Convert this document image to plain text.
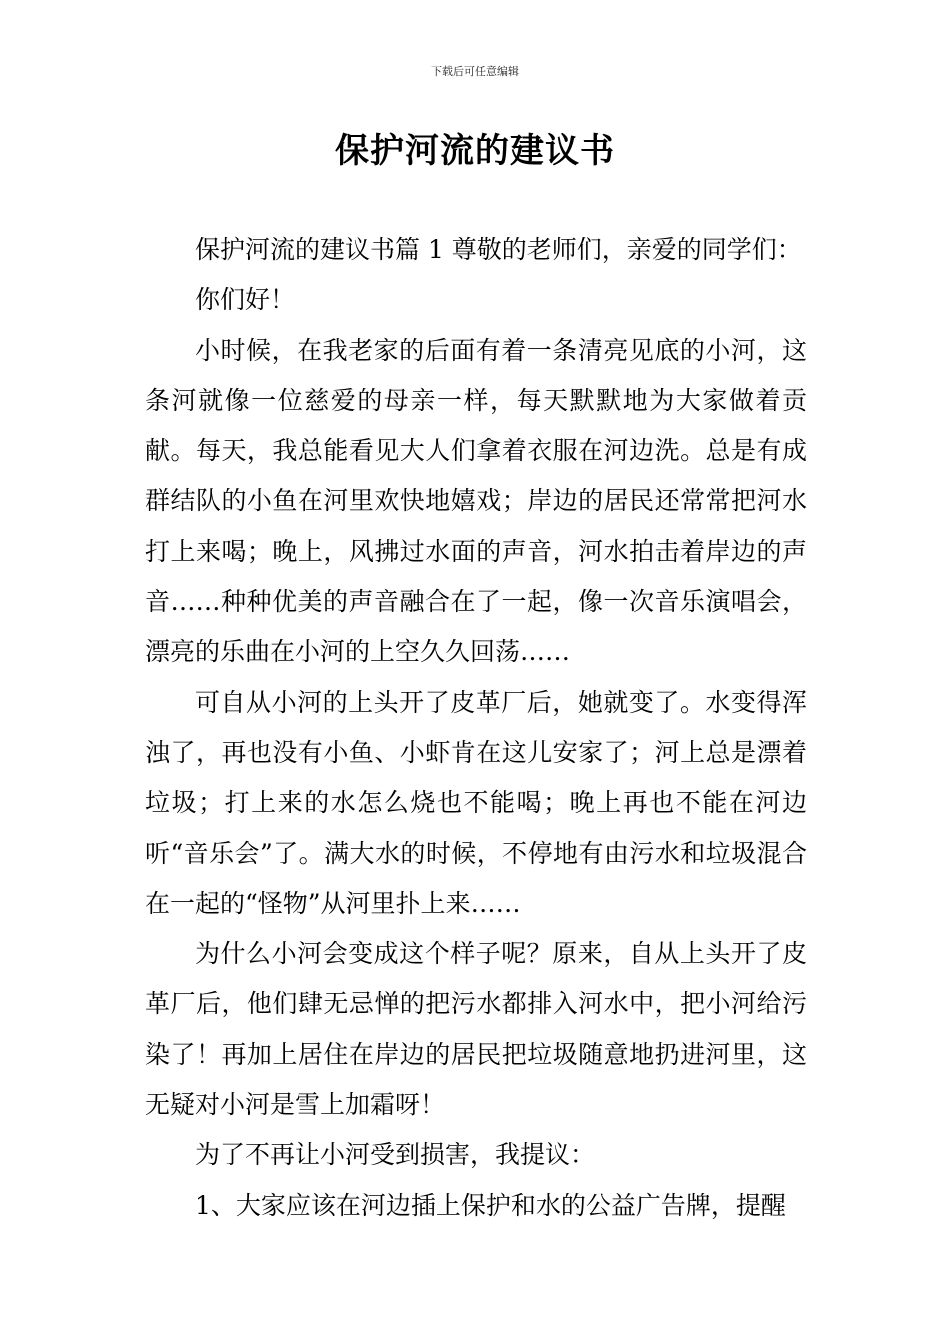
下载后可任意编辑
保护河流的建议书

保护河流的建议书篇 1 尊敬的老师们，亲爱的同学们：

你们好！

小时候，在我老家的后面有着一条清亮见底的小河，这条河就像一位慈爱的母亲一样，每天默默地为大家做着贡献。每天，我总能看见大人们拿着衣服在河边洗。总是有成群结队的小鱼在河里欢快地嬉戏；岸边的居民还常常把河水打上来喝；晚上，风拂过水面的声音，河水拍击着岸边的声音……种种优美的声音融合在了一起，像一次音乐演唱会，漂亮的乐曲在小河的上空久久回荡……

可自从小河的上头开了皮革厂后，她就变了。水变得浑浊了，再也没有小鱼、小虾肯在这儿安家了；河上总是漂着垃圾；打上来的水怎么烧也不能喝；晚上再也不能在河边听“音乐会”了。满大水的时候，不停地有由污水和垃圾混合在一起的“怪物”从河里扑上来……

为什么小河会变成这个样子呢？原来，自从上头开了皮革厂后，他们肆无忌惮的把污水都排入河水中，把小河给污染了！再加上居住在岸边的居民把垃圾随意地扔进河里，这无疑对小河是雪上加霜呀！

为了不再让小河受到损害，我提议：

1、大家应该在河边插上保护和水的公益广告牌，提醒
